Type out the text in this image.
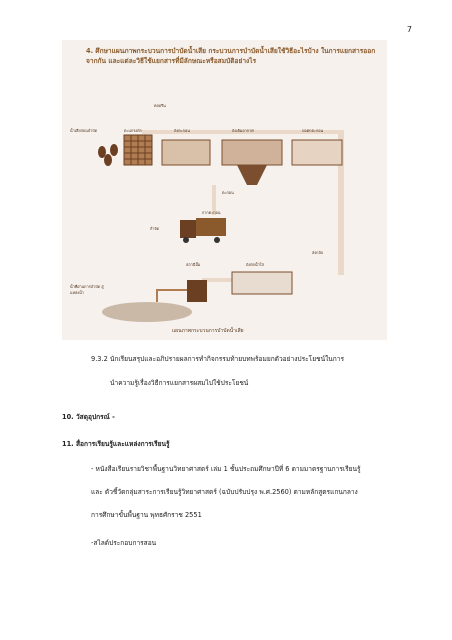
7
4. ศึกษาแผนภาพกระบวนการบำบัดน้ำเสีย กระบวนการบำบัดน้ำเสียใช้วิธีอะไรบ้าง ในการแยกสารออกจากกัน และแต่ละวิธีใช้แยกสารที่มีลักษณะหรือสมบัติอย่างไร
คลอรีน
น้ำเสียก่อนบำบัด	ตะแกรงดัก	ถังตะกอน	ถังเติมอากาศ	บ่อตกตะกอน
ตะกอน
กากตะกอน
กำจัด
ส่งกลับ
สถานีปั๊ม	ถังพักน้ำใส
น้ำที่ผ่านการบำบัด สู่แหล่งน้ำ
แผนภาพกระบวนการบำบัดน้ำเสีย
9.3.2 นักเรียนสรุปและอภิปรายผลการทำกิจกรรมท้ายบทพร้อมยกตัวอย่างประโยชน์ในการ
นำความรู้เรื่องวิธีการแยกสารผสมไปใช้ประโยชน์
10. วัสดุอุปกรณ์ -
11. สื่อการเรียนรู้และแหล่งการเรียนรู้
- หนังสือเรียนรายวิชาพื้นฐานวิทยาศาสตร์ เล่ม 1 ชั้นประถมศึกษาปีที่ 6 ตามมาตรฐานการเรียนรู้
และ ตัวชี้วัดกลุ่มสาระการเรียนรู้วิทยาศาสตร์ (ฉบับปรับปรุง พ.ศ.2560) ตามหลักสูตรแกนกลาง
การศึกษาขั้นพื้นฐาน พุทธศักราช 2551
-สไลด์ประกอบการสอน
